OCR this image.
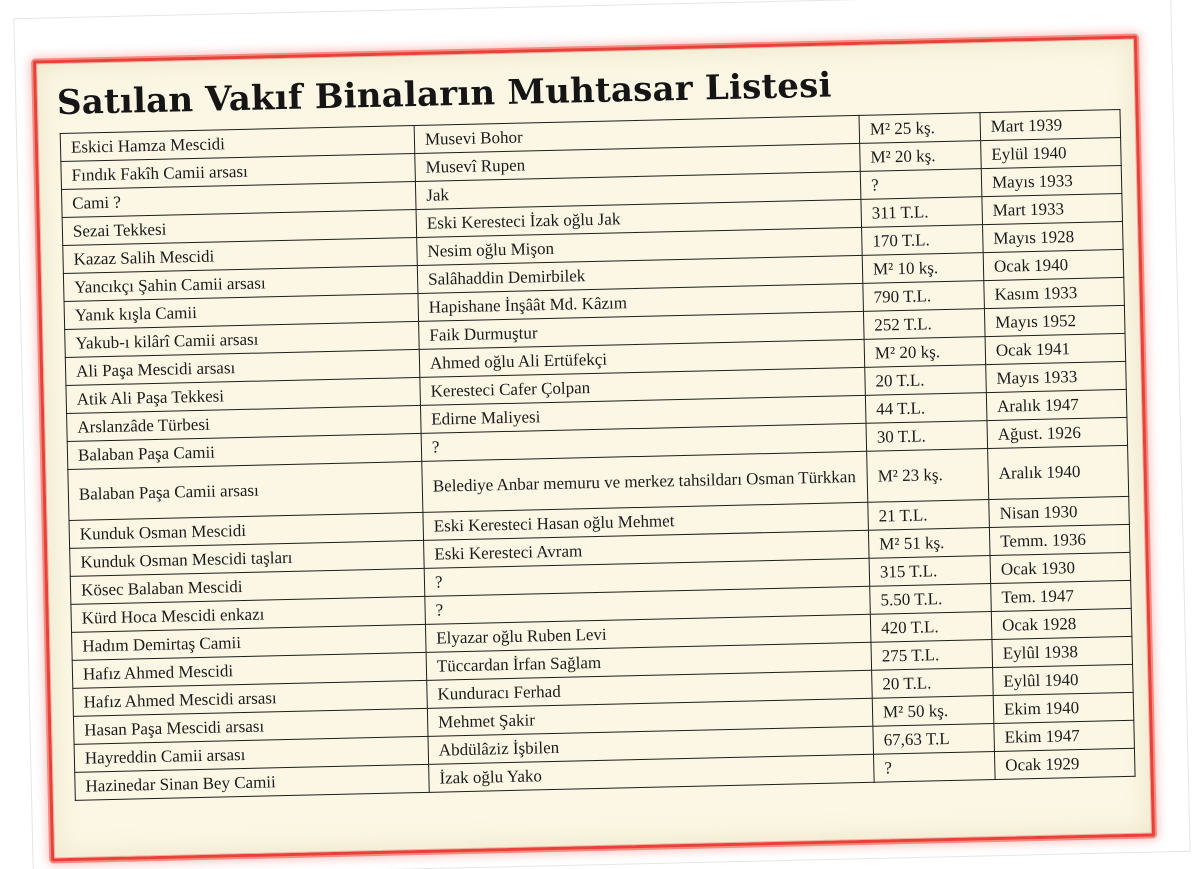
Satılan Vakıf Binaların Muhtasar Listesi
Eskici Hamza Mescidi	Musevi Bohor	M² 25 kş.	Mart 1939
Fındık Fakîh Camii arsası	Musevî Rupen	M² 20 kş.	Eylül 1940
Cami ?	Jak	?	Mayıs 1933
Sezai Tekkesi	Eski Kerestecі İzak oğlu Jak	311 T.L.	Mart 1933
Kazaz Salih Mescidi	Nesim oğlu Mişon	170 T.L.	Mayıs 1928
Yancıkçı Şahin Camii arsası	Salâhaddin Demirbilek	M² 10 kş.	Ocak 1940
Yanık kışla Camii	Hapishane İnşâât Md. Kâzım	790 T.L.	Kasım 1933
Yakub-ı kilârî Camii arsası	Faik Durmuştur	252 T.L.	Mayıs 1952
Ali Paşa Mescidi arsası	Ahmed oğlu Ali Ertüfekçi	M² 20 kş.	Ocak 1941
Atik Ali Paşa Tekkesi	Kerestеci Cafer Çolpan	20 T.L.	Mayıs 1933
Arslanzâde Türbesi	Edirne Maliyesi	44 T.L.	Aralık 1947
Balaban Paşa Camii	?	30 T.L.	Ağust. 1926
Balaban Paşa Camii arsası	Belediye Anbar memuru ve merkez tahsildarı Osman Türkkan	M² 23 kş.	Aralık 1940
Kunduk Osman Mescidi	Eski Kerestеci Hasan oğlu Mehmet	21 T.L.	Nisan 1930
Kunduk Osman Mescidi taşları	Eski Kerestеci Avram	M² 51 kş.	Temm. 1936
Kösec Balaban Mescidi	?	315 T.L.	Ocak 1930
Kürd Hoca Mescidi enkazı	?	5.50 T.L.	Tem. 1947
Hadım Demirtaş Camii	Elyazar oğlu Ruben Levi	420 T.L.	Ocak 1928
Hafız Ahmed Mescidi	Tüccardan İrfan Sağlam	275 T.L.	Eylûl 1938
Hafız Ahmed Mescidi arsası	Kunduracı Ferhad	20 T.L.	Eylûl 1940
Hasan Paşa Mescidi arsası	Mehmet Şakir	M² 50 kş.	Ekim 1940
Hayreddin Camii arsası	Abdülâziz İşbilen	67,63 T.L	Ekim 1947
Hazinedar Sinan Bey Camii	İzak oğlu Yako	?	Ocak 1929
